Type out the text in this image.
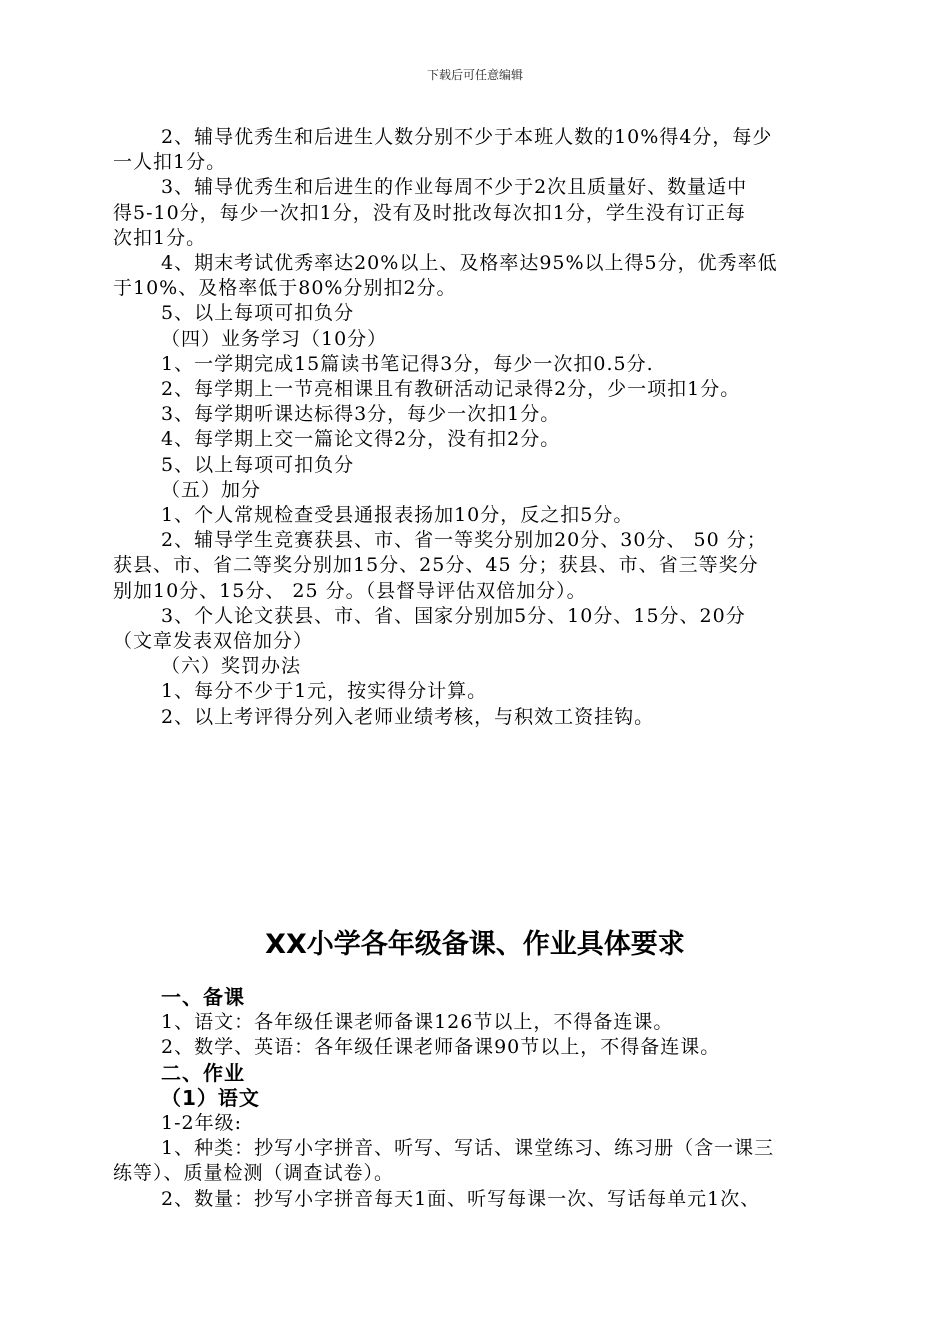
下载后可任意编辑

2、辅导优秀生和后进生人数分别不少于本班人数的10%得4分，每少

一人扣1分。

3、辅导优秀生和后进生的作业每周不少于2次且质量好、数量适中

得5-10分，每少一次扣1分，没有及时批改每次扣1分，学生没有订正每

次扣1分。

4、期末考试优秀率达20%以上、及格率达95%以上得5分，优秀率低

于10%、及格率低于80%分别扣2分。

5、以上每项可扣负分

（四）业务学习（10分）

1、一学期完成15篇读书笔记得3分，每少一次扣0.5分.

2、每学期上一节亮相课且有教研活动记录得2分，少一项扣1分。

3、每学期听课达标得3分，每少一次扣1分。

4、每学期上交一篇论文得2分，没有扣2分。

5、以上每项可扣负分

（五）加分

1、个人常规检查受县通报表扬加10分，反之扣5分。

2、辅导学生竞赛获县、市、省一等奖分别加20分、30分、 50 分；

获县、市、省二等奖分别加15分、25分、45 分；获县、市、省三等奖分

别加10分、15分、 25 分。（县督导评估双倍加分）。

3、个人论文获县、市、省、国家分别加5分、10分、15分、20分

（文章发表双倍加分）

（六）奖罚办法

1、每分不少于1元，按实得分计算。

2、以上考评得分列入老师业绩考核，与积效工资挂钩。

XX小学各年级备课、作业具体要求

一、备课

1、语文：各年级任课老师备课126节以上，不得备连课。

2、数学、英语：各年级任课老师备课90节以上，不得备连课。

二、作业

（1）语文

1-2年级:

1、种类：抄写小字拼音、听写、写话、课堂练习、练习册（含一课三

练等）、质量检测（调查试卷）。

2、数量：抄写小字拼音每天1面、听写每课一次、写话每单元1次、
